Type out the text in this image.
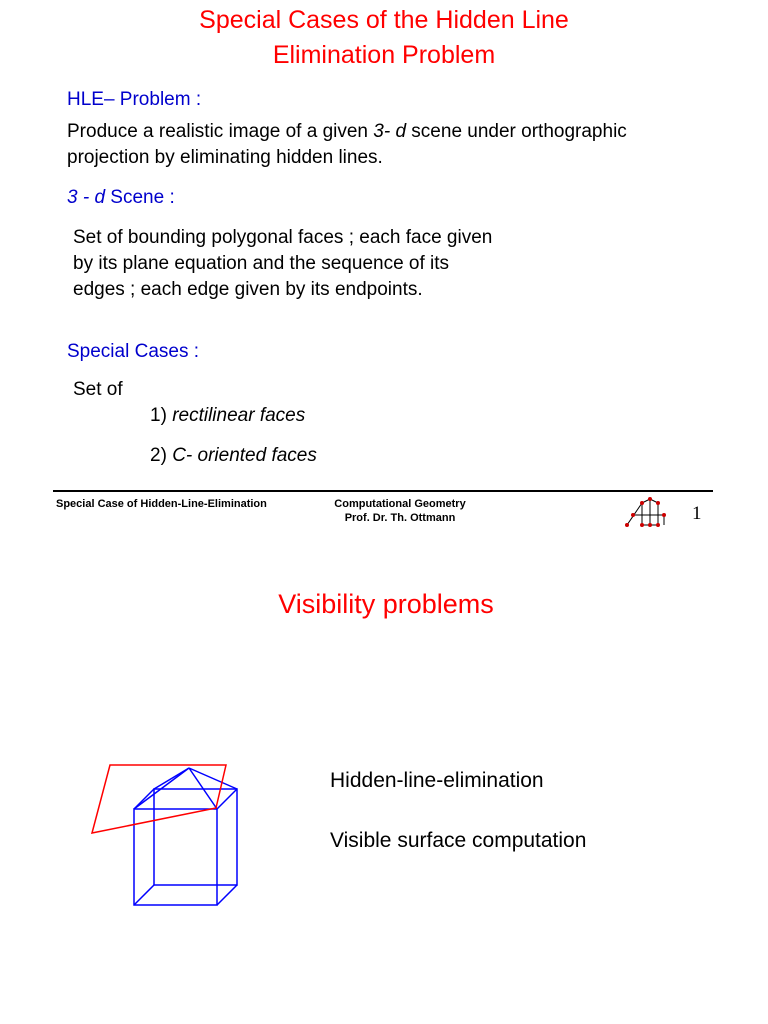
Special Cases of the Hidden Line
Elimination Problem
HLE– Problem :
Produce a realistic image of a given 3- d scene under orthographic
projection by eliminating hidden lines.
3 - d Scene :
Set of bounding polygonal faces ; each face given
by its plane equation and the sequence of its
edges ; each edge given by its endpoints.
Special Cases :
Set of
1) rectilinear faces
2) C- oriented faces
Special Case of Hidden-Line-Elimination	Computational Geometry
Prof. Dr. Th. Ottmann	1
Visibility problems
Hidden-line-elimination
Visible surface computation
